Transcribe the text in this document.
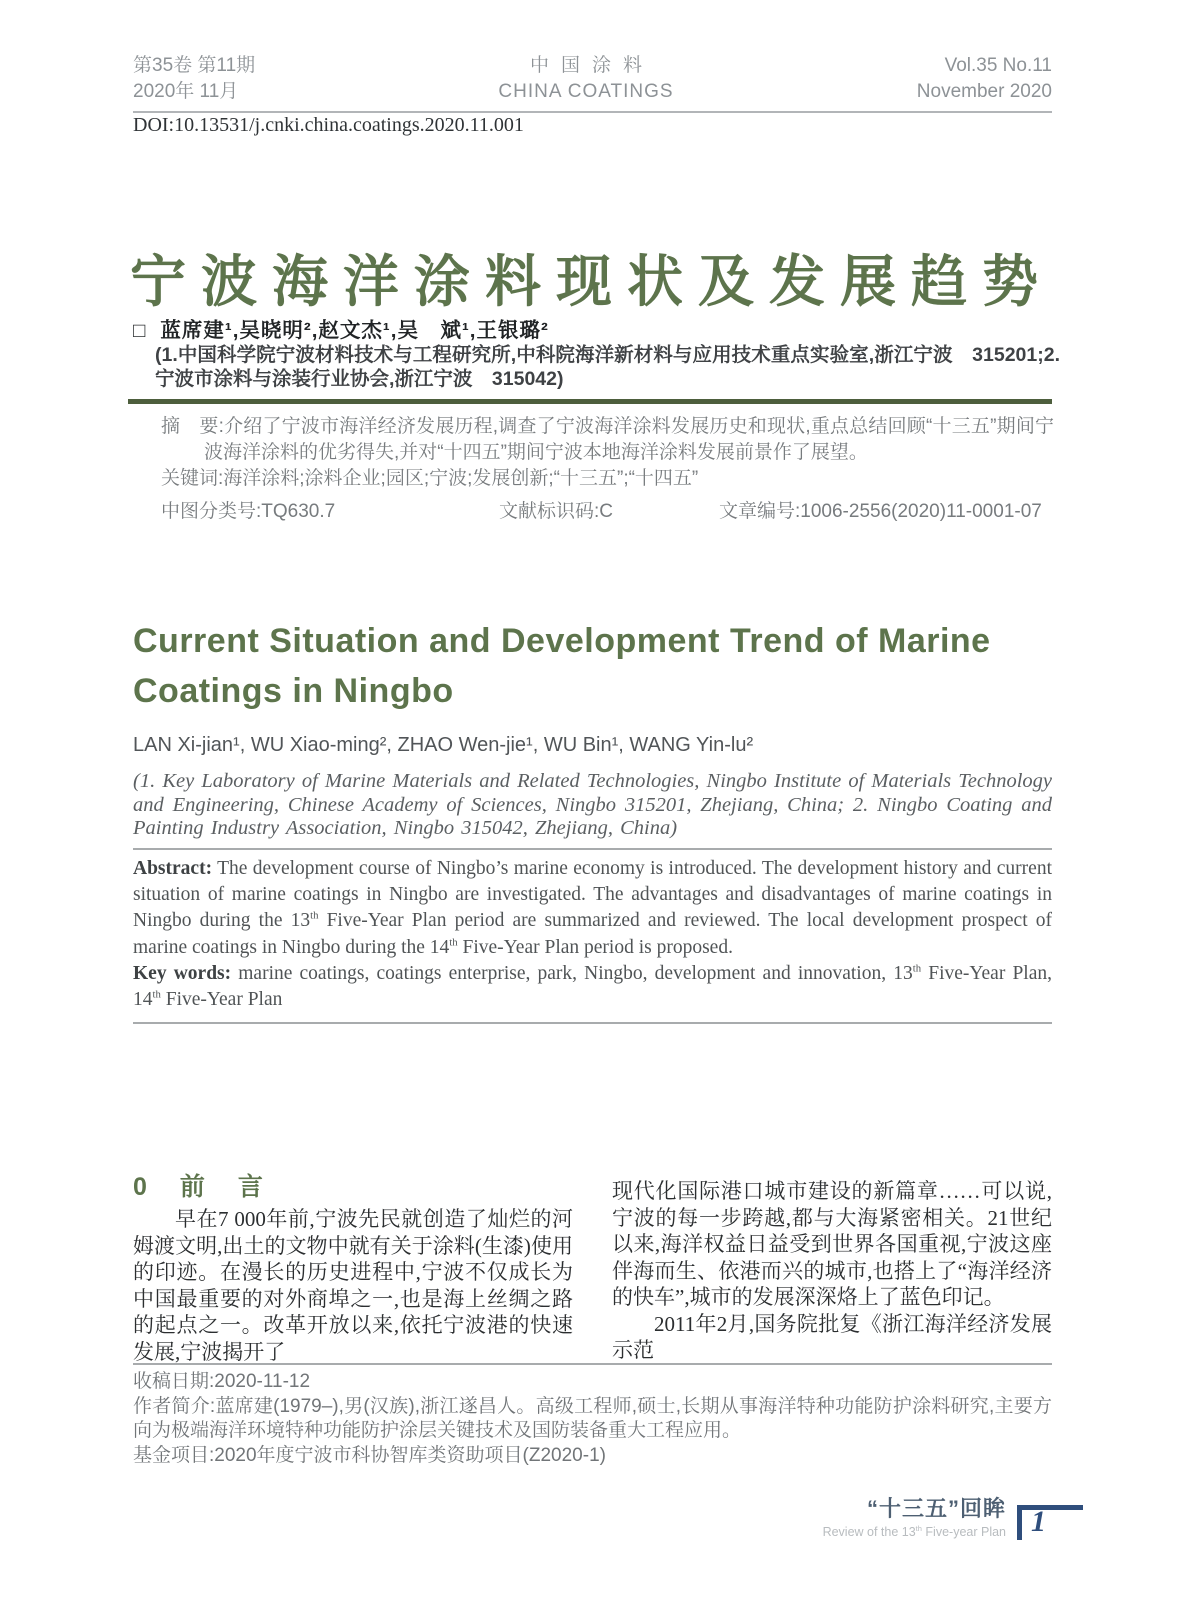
第35卷 第11期
2020年 11月
中国涂料
CHINA COATINGS
Vol.35 No.11
November 2020
DOI:10.13531/j.cnki.china.coatings.2020.11.001
宁波海洋涂料现状及发展趋势
□ 蓝席建¹,吴晓明²,赵文杰¹,吴　斌¹,王银璐²
(1.中国科学院宁波材料技术与工程研究所,中科院海洋新材料与应用技术重点实验室,浙江宁波　315201;2.宁波市涂料与涂装行业协会,浙江宁波　315042)

摘　要:介绍了宁波市海洋经济发展历程,调查了宁波海洋涂料发展历史和现状,重点总结回顾“十三五”期间宁波海洋涂料的优劣得失,并对“十四五”期间宁波本地海洋涂料发展前景作了展望。

关键词:海洋涂料;涂料企业;园区;宁波;发展创新;“十三五”;“十四五”

中图分类号:TQ630.7	文献标识码:C	文章编号:1006-2556(2020)11-0001-07
Current Situation and Development Trend of Marine Coatings in Ningbo
LAN Xi-jian¹, WU Xiao-ming², ZHAO Wen-jie¹, WU Bin¹, WANG Yin-lu²
(1. Key Laboratory of Marine Materials and Related Technologies, Ningbo Institute of Materials Technology and Engineering, Chinese Academy of Sciences, Ningbo 315201, Zhejiang, China; 2. Ningbo Coating and Painting Industry Association, Ningbo 315042, Zhejiang, China)

Abstract: The development course of Ningbo’s marine economy is introduced. The development history and current situation of marine coatings in Ningbo are investigated. The advantages and disadvantages of marine coatings in Ningbo during the 13th Five-Year Plan period are summarized and reviewed. The local development prospect of marine coatings in Ningbo during the 14th Five-Year Plan period is proposed.

Key words: marine coatings, coatings enterprise, park, Ningbo, development and innovation, 13th Five-Year Plan, 14th Five-Year Plan

0　前　言

早在7 000年前,宁波先民就创造了灿烂的河姆渡文明,出土的文物中就有关于涂料(生漆)使用的印迹。在漫长的历史进程中,宁波不仅成长为中国最重要的对外商埠之一,也是海上丝绸之路的起点之一。改革开放以来,依托宁波港的快速发展,宁波揭开了

现代化国际港口城市建设的新篇章……可以说,宁波的每一步跨越,都与大海紧密相关。21世纪以来,海洋权益日益受到世界各国重视,宁波这座伴海而生、依港而兴的城市,也搭上了“海洋经济的快车”,城市的发展深深烙上了蓝色印记。

2011年2月,国务院批复《浙江海洋经济发展示范

收稿日期:2020-11-12

作者简介:蓝席建(1979–),男(汉族),浙江遂昌人。高级工程师,硕士,长期从事海洋特种功能防护涂料研究,主要方向为极端海洋环境特种功能防护涂层关键技术及国防装备重大工程应用。

基金项目:2020年度宁波市科协智库类资助项目(Z2020-1)

“十三五”回眸
Review of the 13th Five-year Plan 1
